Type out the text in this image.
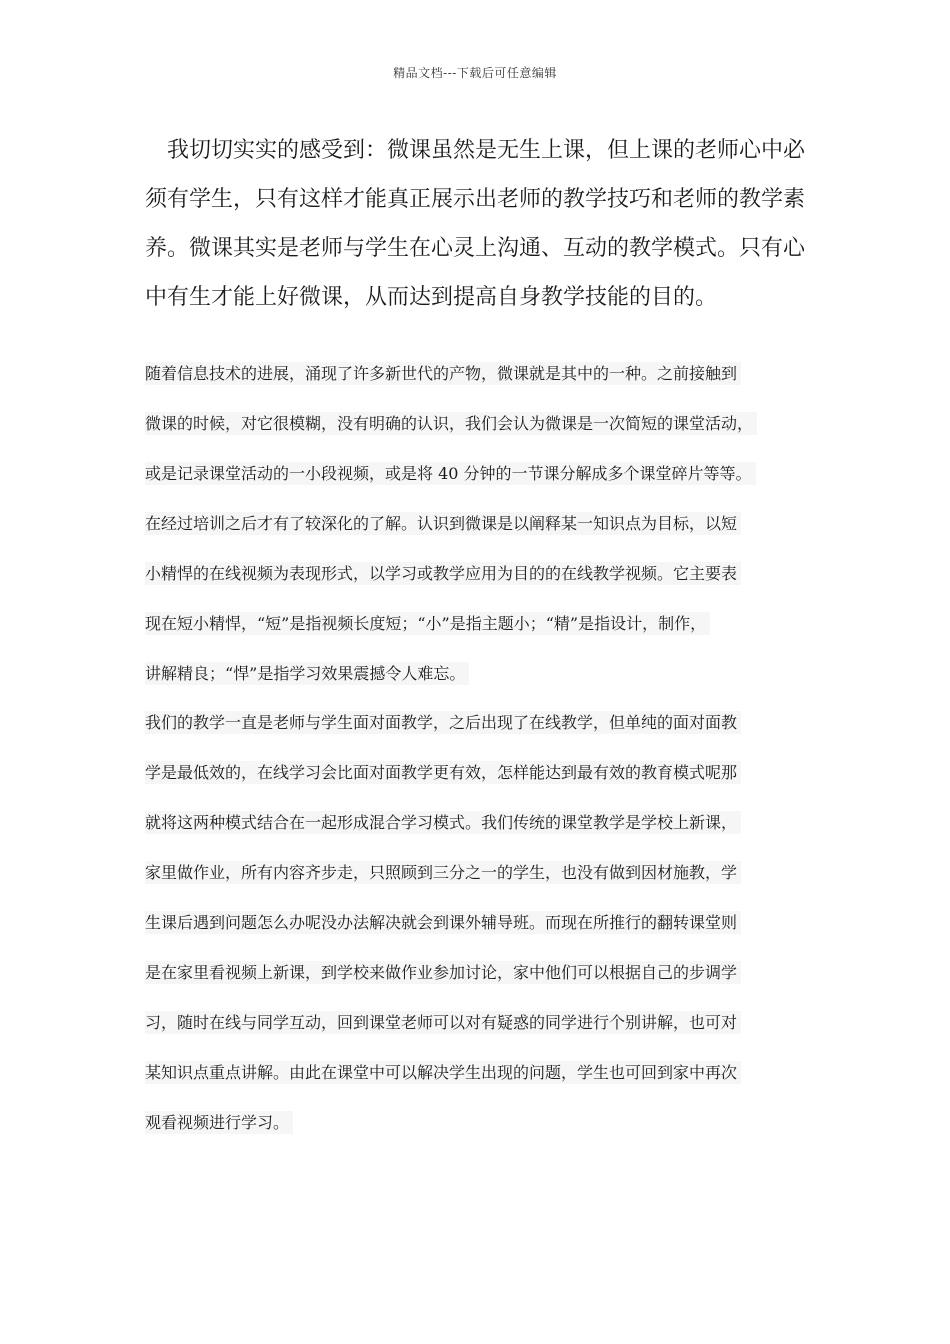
精品文档---下载后可任意编辑

我切切实实的感受到：微课虽然是无生上课，但上课的老师心中必须有学生，只有这样才能真正展示出老师的教学技巧和老师的教学素养。微课其实是老师与学生在心灵上沟通、互动的教学模式。只有心中有生才能上好微课，从而达到提高自身教学技能的目的。

随着信息技术的进展，涌现了许多新世代的产物，微课就是其中的一种。之前接触到
微课的时候，对它很模糊，没有明确的认识，我们会认为微课是一次简短的课堂活动，
或是记录课堂活动的一小段视频，或是将 40 分钟的一节课分解成多个课堂碎片等等。
在经过培训之后才有了较深化的了解。认识到微课是以阐释某一知识点为目标，以短
小精悍的在线视频为表现形式，以学习或教学应用为目的的在线教学视频。它主要表
现在短小精悍，“短”是指视频长度短；“小”是指主题小；“精”是指设计，制作，
讲解精良；“悍”是指学习效果震撼令人难忘。
我们的教学一直是老师与学生面对面教学，之后出现了在线教学，但单纯的面对面教
学是最低效的，在线学习会比面对面教学更有效，怎样能达到最有效的教育模式呢那
就将这两种模式结合在一起形成混合学习模式。我们传统的课堂教学是学校上新课，
家里做作业，所有内容齐步走，只照顾到三分之一的学生，也没有做到因材施教，学
生课后遇到问题怎么办呢没办法解决就会到课外辅导班。而现在所推行的翻转课堂则
是在家里看视频上新课，到学校来做作业参加讨论，家中他们可以根据自己的步调学
习，随时在线与同学互动，回到课堂老师可以对有疑惑的同学进行个别讲解，也可对
某知识点重点讲解。由此在课堂中可以解决学生出现的问题，学生也可回到家中再次
观看视频进行学习。
